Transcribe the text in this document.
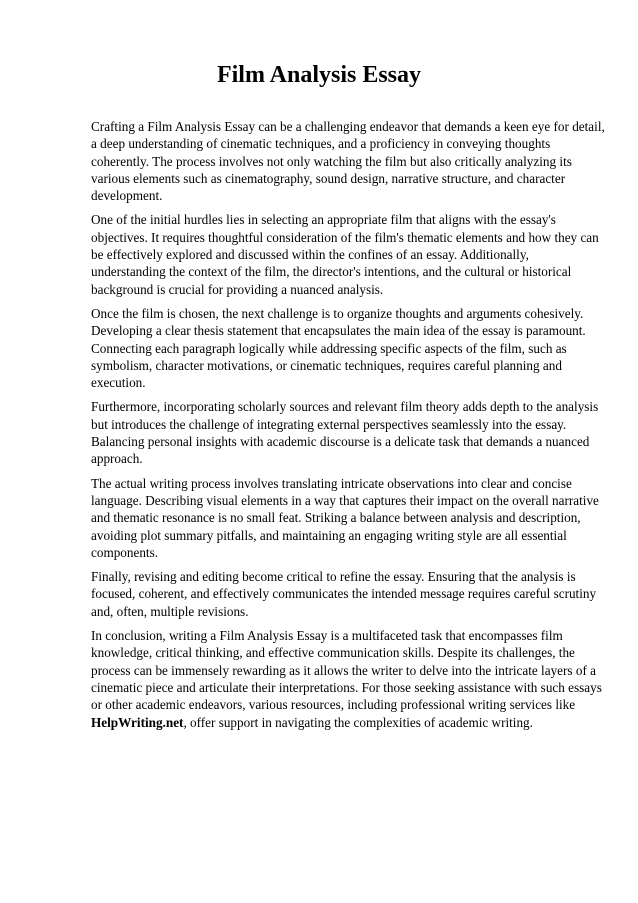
Film Analysis Essay

Crafting a Film Analysis Essay can be a challenging endeavor that demands a keen eye for detail,
a deep understanding of cinematic techniques, and a proficiency in conveying thoughts
coherently. The process involves not only watching the film but also critically analyzing its
various elements such as cinematography, sound design, narrative structure, and character
development.

One of the initial hurdles lies in selecting an appropriate film that aligns with the essay's
objectives. It requires thoughtful consideration of the film's thematic elements and how they can
be effectively explored and discussed within the confines of an essay. Additionally,
understanding the context of the film, the director's intentions, and the cultural or historical
background is crucial for providing a nuanced analysis.

Once the film is chosen, the next challenge is to organize thoughts and arguments cohesively.
Developing a clear thesis statement that encapsulates the main idea of the essay is paramount.
Connecting each paragraph logically while addressing specific aspects of the film, such as
symbolism, character motivations, or cinematic techniques, requires careful planning and
execution.

Furthermore, incorporating scholarly sources and relevant film theory adds depth to the analysis
but introduces the challenge of integrating external perspectives seamlessly into the essay.
Balancing personal insights with academic discourse is a delicate task that demands a nuanced
approach.

The actual writing process involves translating intricate observations into clear and concise
language. Describing visual elements in a way that captures their impact on the overall narrative
and thematic resonance is no small feat. Striking a balance between analysis and description,
avoiding plot summary pitfalls, and maintaining an engaging writing style are all essential
components.

Finally, revising and editing become critical to refine the essay. Ensuring that the analysis is
focused, coherent, and effectively communicates the intended message requires careful scrutiny
and, often, multiple revisions.

In conclusion, writing a Film Analysis Essay is a multifaceted task that encompasses film
knowledge, critical thinking, and effective communication skills. Despite its challenges, the
process can be immensely rewarding as it allows the writer to delve into the intricate layers of a
cinematic piece and articulate their interpretations. For those seeking assistance with such essays
or other academic endeavors, various resources, including professional writing services like
HelpWriting.net, offer support in navigating the complexities of academic writing.
